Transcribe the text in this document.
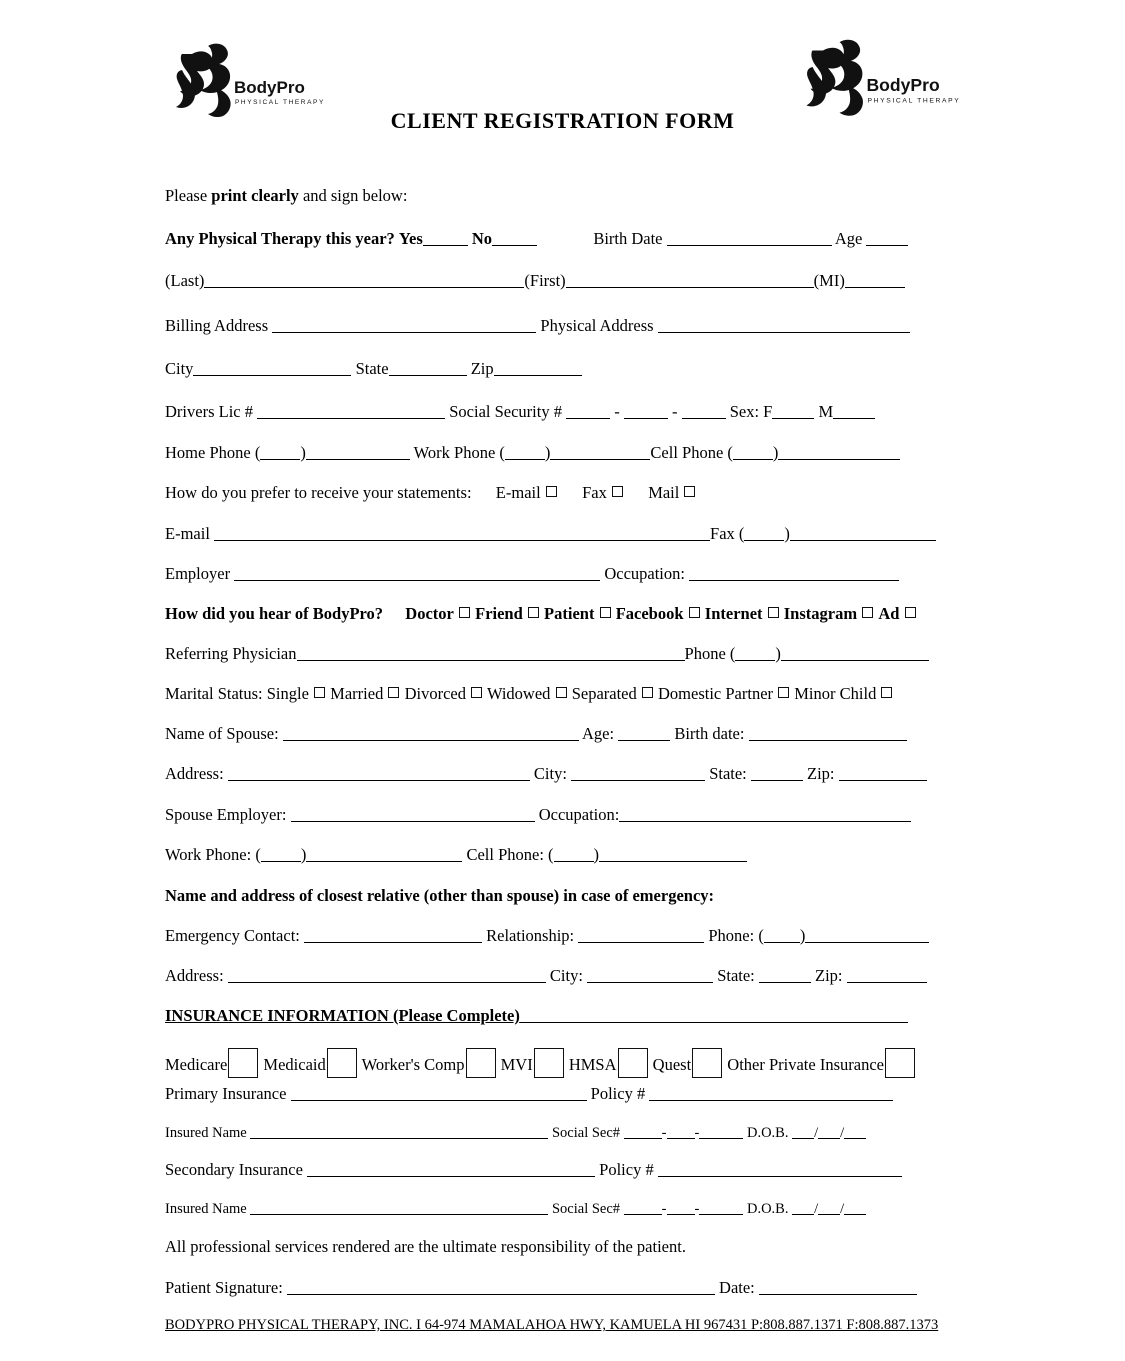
BodyPro
PHYSICAL THERAPY
BodyPro
PHYSICAL THERAPY
CLIENT REGISTRATION FORM
Please print clearly and sign below:
Any Physical Therapy this year? Yes	No	Birth Date	Age
(Last)	(First)	(MI)
Billing Address	Physical Address
City	State	Zip
Drivers Lic #	Social Security #	-	-	Sex: F	M
Home Phone ( )	Work Phone ( )	Cell Phone ( )
How do you prefer to receive your statements: E-mail	Fax	Mail
E-mail	Fax ( )
Employer	Occupation:
How did you hear of BodyPro? Doctor Friend Patient Facebook Internet Instagram Ad
Referring Physician	Phone ( )
Marital Status: Single Married Divorced Widowed Separated Domestic Partner Minor Child
Name of Spouse:	Age:	Birth date:
Address:	City:	State:	Zip:
Spouse Employer:	Occupation:
Work Phone: ( )	Cell Phone: ( )
Name and address of closest relative (other than spouse) in case of emergency:
Emergency Contact:	Relationship:	Phone: ( )
Address:	City:	State:	Zip:
INSURANCE INFORMATION (Please Complete)
Medicare Medicaid Worker's Comp MVI HMSA Quest Other Private Insurance
Primary Insurance	Policy #
Insured Name	Social Sec#	- -	D.O.B. / /
Secondary Insurance	Policy #
Insured Name	Social Sec#	- -	D.O.B. / /
All professional services rendered are the ultimate responsibility of the patient.
Patient Signature:	Date:
BODYPRO PHYSICAL THERAPY, INC. I 64-974 MAMALAHOA HWY, KAMUELA HI 967431 P:808.887.1371 F:808.887.1373
